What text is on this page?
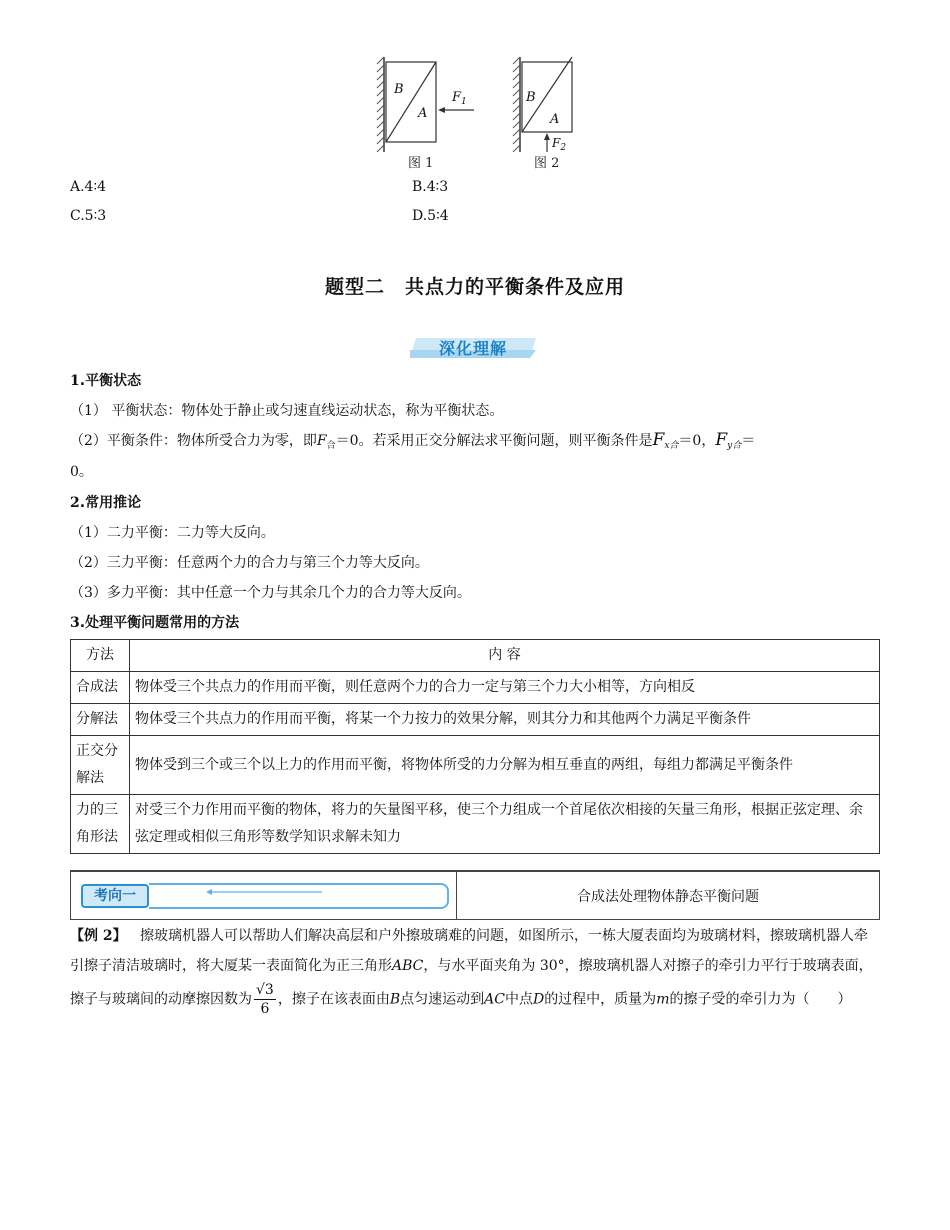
B
A
$F_1$
图 1
B
A
$F_2$
图 2
A.4∶4	B.4∶3
C.5∶3	D.5∶4
题型二　共点力的平衡条件及应用
深化理解
1.平衡状态
（1） 平衡状态：物体处于静止或匀速直线运动状态，称为平衡状态。
（2）平衡条件：物体所受合力为零，即$F_合=0$。若采用正交分解法求平衡问题，则平衡条件是$F_{x合}=0$，$F_{y合}=$
0。
2.常用推论
（1）二力平衡：二力等大反向。
（2）三力平衡：任意两个力的合力与第三个力等大反向。
（3）多力平衡：其中任意一个力与其余几个力的合力等大反向。
3.处理平衡问题常用的方法
方法	内 容
合成法	物体受三个共点力的作用而平衡，则任意两个力的合力一定与第三个力大小相等，方向相反
分解法	物体受三个共点力的作用而平衡，将某一个力按力的效果分解，则其分力和其他两个力满足平衡条件
正交分解法	物体受到三个或三个以上力的作用而平衡，将物体所受的力分解为相互垂直的两组，每组力都满足平衡条件
力的三角形法	对受三个力作用而平衡的物体，将力的矢量图平移，使三个力组成一个首尾依次相接的矢量三角形，根据正弦定理、余弦定理或相似三角形等数学知识求解未知力
考向一	合成法处理物体静态平衡问题
【例 2】 擦玻璃机器人可以帮助人们解决高层和户外擦玻璃难的问题，如图所示，一栋大厦表面均为玻璃材料，擦玻璃机器人牵引擦子清洁玻璃时，将大厦某一表面简化为正三角形ABC，与水平面夹角为 30°，擦玻璃机器人对擦子的牵引力平行于玻璃表面，擦子与玻璃间的动摩擦因数为 $\frac{√3}{6}$ ，擦子在该表面由B点匀速运动到AC中点D的过程中，质量为m的擦子受的牵引力为（　　）
